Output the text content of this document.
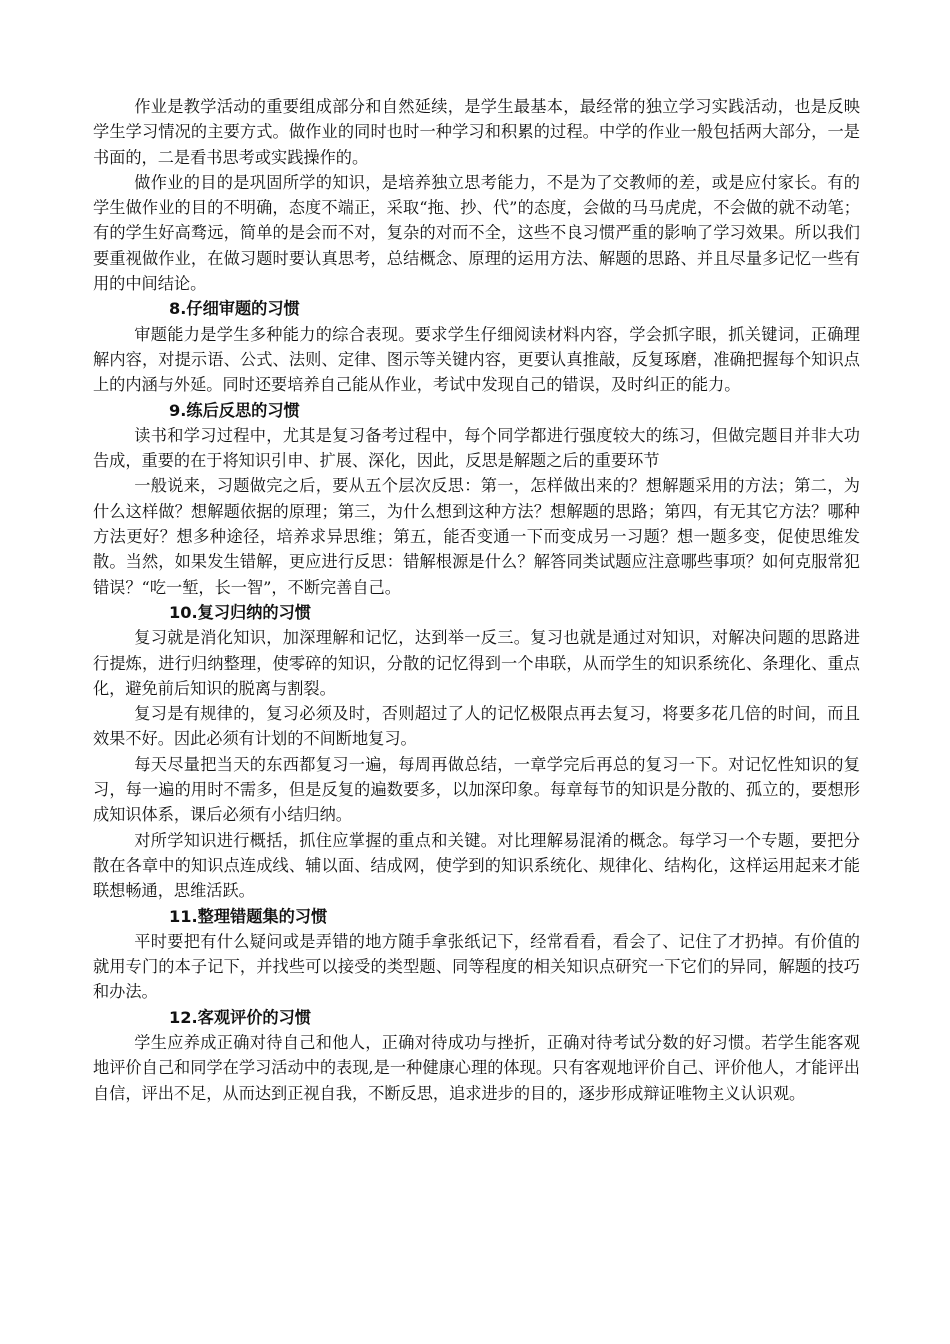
作业是教学活动的重要组成部分和自然延续，是学生最基本，最经常的独立学习实践活动，也是反映学生学习情况的主要方式。做作业的同时也时一种学习和积累的过程。中学的作业一般包括两大部分，一是书面的，二是看书思考或实践操作的。

做作业的目的是巩固所学的知识，是培养独立思考能力，不是为了交教师的差，或是应付家长。有的学生做作业的目的不明确，态度不端正，采取“拖、抄、代”的态度，会做的马马虎虎，不会做的就不动笔；有的学生好高骛远，简单的是会而不对，复杂的对而不全，这些不良习惯严重的影响了学习效果。所以我们要重视做作业，在做习题时要认真思考，总结概念、原理的运用方法、解题的思路、并且尽量多记忆一些有用的中间结论。

8.仔细审题的习惯

审题能力是学生多种能力的综合表现。要求学生仔细阅读材料内容，学会抓字眼，抓关键词，正确理解内容，对提示语、公式、法则、定律、图示等关键内容，更要认真推敲，反复琢磨，准确把握每个知识点上的内涵与外延。同时还要培养自己能从作业，考试中发现自己的错误，及时纠正的能力。

9.练后反思的习惯

读书和学习过程中，尤其是复习备考过程中，每个同学都进行强度较大的练习，但做完题目并非大功告成，重要的在于将知识引申、扩展、深化，因此，反思是解题之后的重要环节

一般说来，习题做完之后，要从五个层次反思：第一，怎样做出来的？想解题采用的方法；第二，为什么这样做？想解题依据的原理；第三，为什么想到这种方法？想解题的思路；第四，有无其它方法？哪种方法更好？想多种途径，培养求异思维；第五，能否变通一下而变成另一习题？想一题多变，促使思维发散。当然，如果发生错解，更应进行反思：错解根源是什么？解答同类试题应注意哪些事项？如何克服常犯错误？“吃一堑，长一智”，不断完善自己。

10.复习归纳的习惯

复习就是消化知识，加深理解和记忆，达到举一反三。复习也就是通过对知识，对解决问题的思路进行提炼，进行归纳整理，使零碎的知识，分散的记忆得到一个串联，从而学生的知识系统化、条理化、重点化，避免前后知识的脱离与割裂。

复习是有规律的，复习必须及时，否则超过了人的记忆极限点再去复习，将要多花几倍的时间，而且效果不好。因此必须有计划的不间断地复习。

每天尽量把当天的东西都复习一遍，每周再做总结，一章学完后再总的复习一下。对记忆性知识的复习，每一遍的用时不需多，但是反复的遍数要多，以加深印象。每章每节的知识是分散的、孤立的，要想形成知识体系，课后必须有小结归纳。

对所学知识进行概括，抓住应掌握的重点和关键。对比理解易混淆的概念。每学习一个专题，要把分散在各章中的知识点连成线、辅以面、结成网，使学到的知识系统化、规律化、结构化，这样运用起来才能联想畅通，思维活跃。

11.整理错题集的习惯

平时要把有什么疑问或是弄错的地方随手拿张纸记下，经常看看，看会了、记住了才扔掉。有价值的就用专门的本子记下，并找些可以接受的类型题、同等程度的相关知识点研究一下它们的异同，解题的技巧和办法。

12.客观评价的习惯

学生应养成正确对待自己和他人，正确对待成功与挫折，正确对待考试分数的好习惯。若学生能客观地评价自己和同学在学习活动中的表现,是一种健康心理的体现。只有客观地评价自己、评价他人，才能评出自信，评出不足，从而达到正视自我，不断反思，追求进步的目的，逐步形成辩证唯物主义认识观。
